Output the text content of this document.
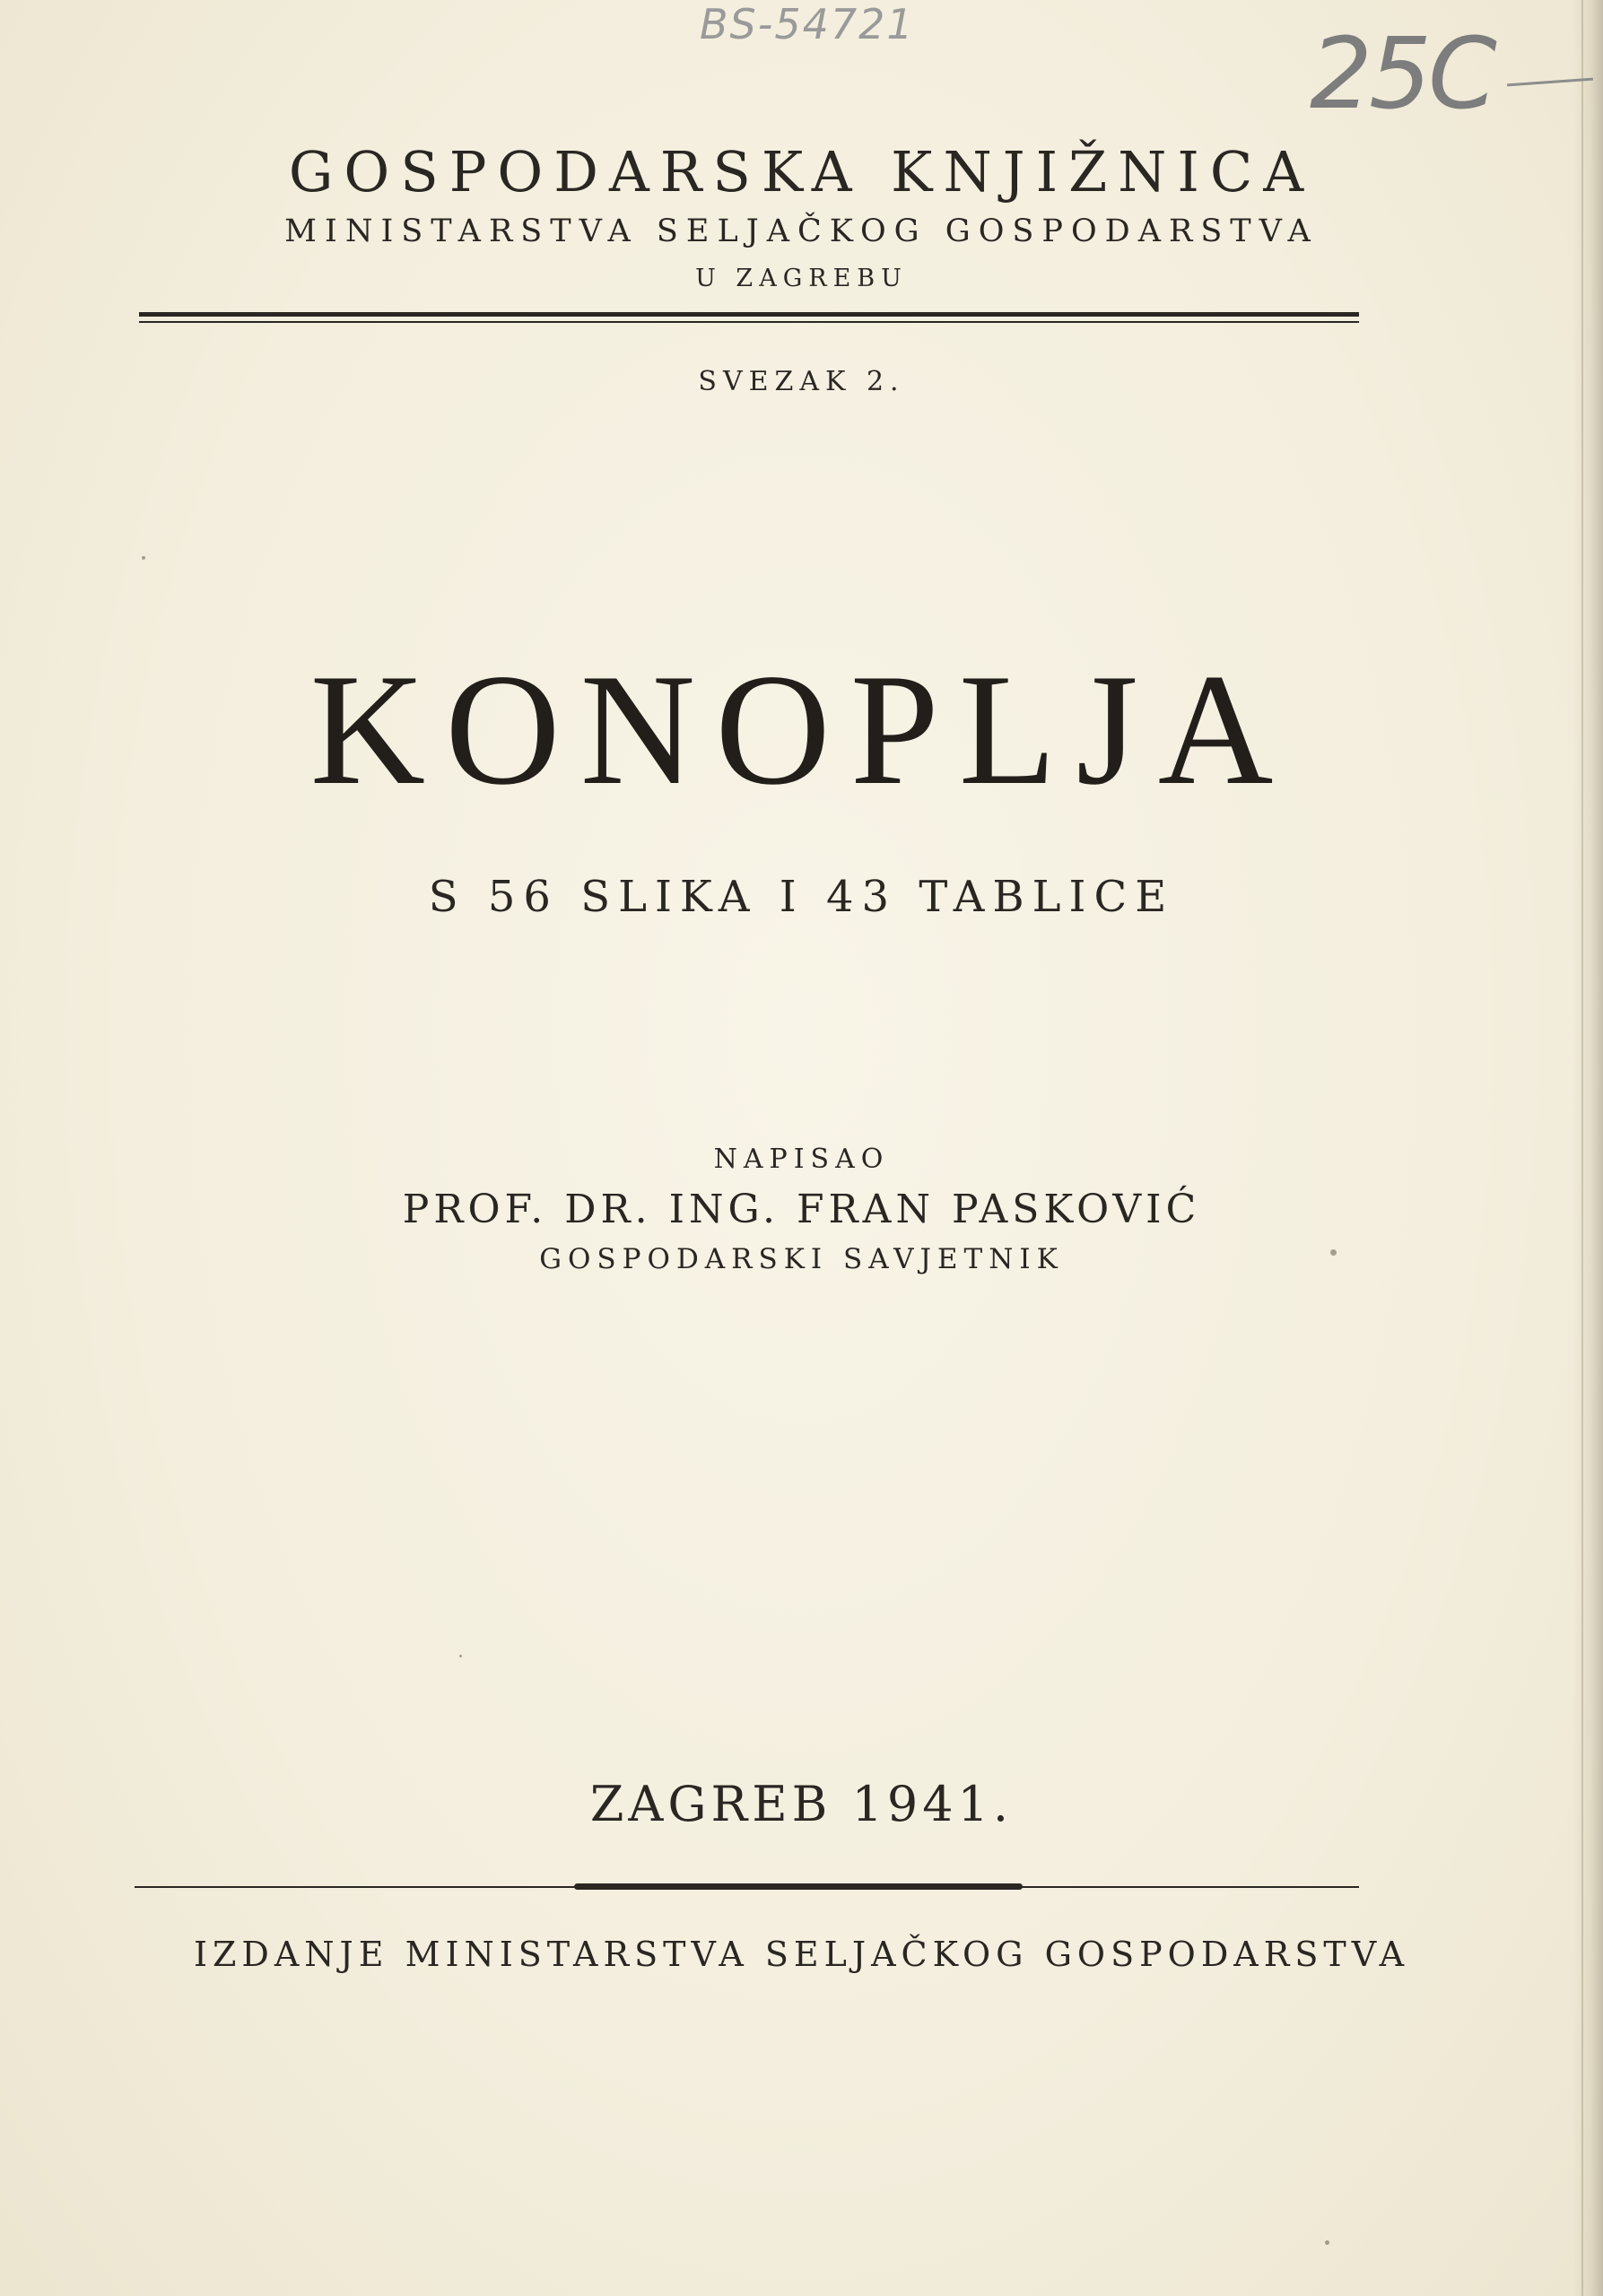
BS-54721	25C
GOSPODARSKA KNJIŽNICA
MINISTARSTVA SELJAČKOG GOSPODARSTVA
U ZAGREBU
SVEZAK 2.
KONOPLJA
S 56 SLIKA I 43 TABLICE
NAPISAO
PROF. DR. ING. FRAN PASKOVIĆ
GOSPODARSKI SAVJETNIK
ZAGREB 1941.
IZDANJE MINISTARSTVA SELJAČKOG GOSPODARSTVA
